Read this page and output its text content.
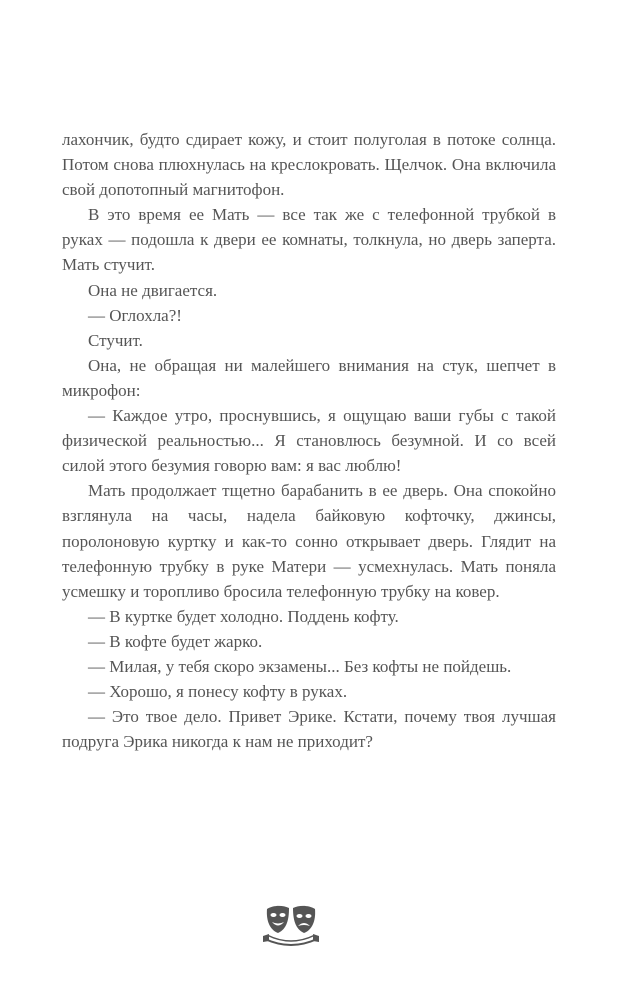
лахончик, будто сдирает кожу, и стоит полуголая в потоке солнца. Потом снова плюхнулась на креслокровать. Щелчок. Она включила свой допотопный магнитофон.

В это время ее Мать — все так же с телефонной трубкой в руках — подошла к двери ее комнаты, толкнула, но дверь заперта. Мать стучит.

Она не двигается.

— Оглохла?!

Стучит.

Она, не обращая ни малейшего внимания на стук, шепчет в микрофон:

— Каждое утро, проснувшись, я ощущаю ваши губы с такой физической реальностью... Я становлюсь безумной. И со всей силой этого безумия говорю вам: я вас люблю!

Мать продолжает тщетно барабанить в ее дверь. Она спокойно взглянула на часы, надела байковую кофточку, джинсы, поролоновую куртку и как-то сонно открывает дверь. Глядит на телефонную трубку в руке Матери — усмехнулась. Мать поняла усмешку и торопливо бросила телефонную трубку на ковер.

— В куртке будет холодно. Поддень кофту.

— В кофте будет жарко.

— Милая, у тебя скоро экзамены... Без кофты не пойдешь.

— Хорошо, я понесу кофту в руках.

— Это твое дело. Привет Эрике. Кстати, почему твоя лучшая подруга Эрика никогда к нам не приходит?
